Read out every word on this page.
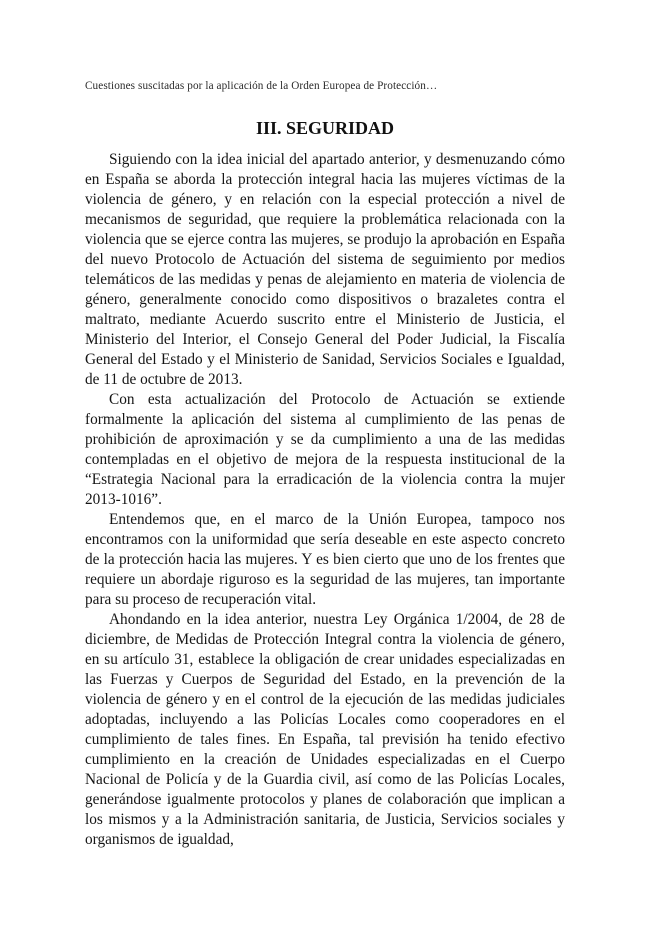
Cuestiones suscitadas por la aplicación de la Orden Europea de Protección…
III. SEGURIDAD

Siguiendo con la idea inicial del apartado anterior, y desmenuzando cómo en España se aborda la protección integral hacia las mujeres víctimas de la violencia de género, y en relación con la especial protección a nivel de mecanismos de seguridad, que requiere la problemática relacionada con la violencia que se ejerce contra las mujeres, se produjo la aprobación en España del nuevo Protocolo de Actuación del sistema de seguimiento por medios telemáticos de las medidas y penas de alejamiento en materia de violencia de género, generalmente conocido como dispositivos o brazaletes contra el maltrato, mediante Acuerdo suscrito entre el Ministerio de Justicia, el Ministerio del Interior, el Consejo General del Poder Judicial, la Fiscalía General del Estado y el Ministerio de Sanidad, Servicios Sociales e Igualdad, de 11 de octubre de 2013.

Con esta actualización del Protocolo de Actuación se extiende formalmente la aplicación del sistema al cumplimiento de las penas de prohibición de aproximación y se da cumplimiento a una de las medidas contempladas en el objetivo de mejora de la respuesta institucional de la “Estrategia Nacional para la erradicación de la violencia contra la mujer 2013-1016”.

Entendemos que, en el marco de la Unión Europea, tampoco nos encontramos con la uniformidad que sería deseable en este aspecto concreto de la protección hacia las mujeres. Y es bien cierto que uno de los frentes que requiere un abordaje riguroso es la seguridad de las mujeres, tan importante para su proceso de recuperación vital.

Ahondando en la idea anterior, nuestra Ley Orgánica 1/2004, de 28 de diciembre, de Medidas de Protección Integral contra la violencia de género, en su artículo 31, establece la obligación de crear unidades especializadas en las Fuerzas y Cuerpos de Seguridad del Estado, en la prevención de la violencia de género y en el control de la ejecución de las medidas judiciales adoptadas, incluyendo a las Policías Locales como cooperadores en el cumplimiento de tales fines. En España, tal previsión ha tenido efectivo cumplimiento en la creación de Unidades especializadas en el Cuerpo Nacional de Policía y de la Guardia civil, así como de las Policías Locales, generándose igualmente protocolos y planes de colaboración que implican a los mismos y a la Administración sanitaria, de Justicia, Servicios sociales y organismos de igualdad,
